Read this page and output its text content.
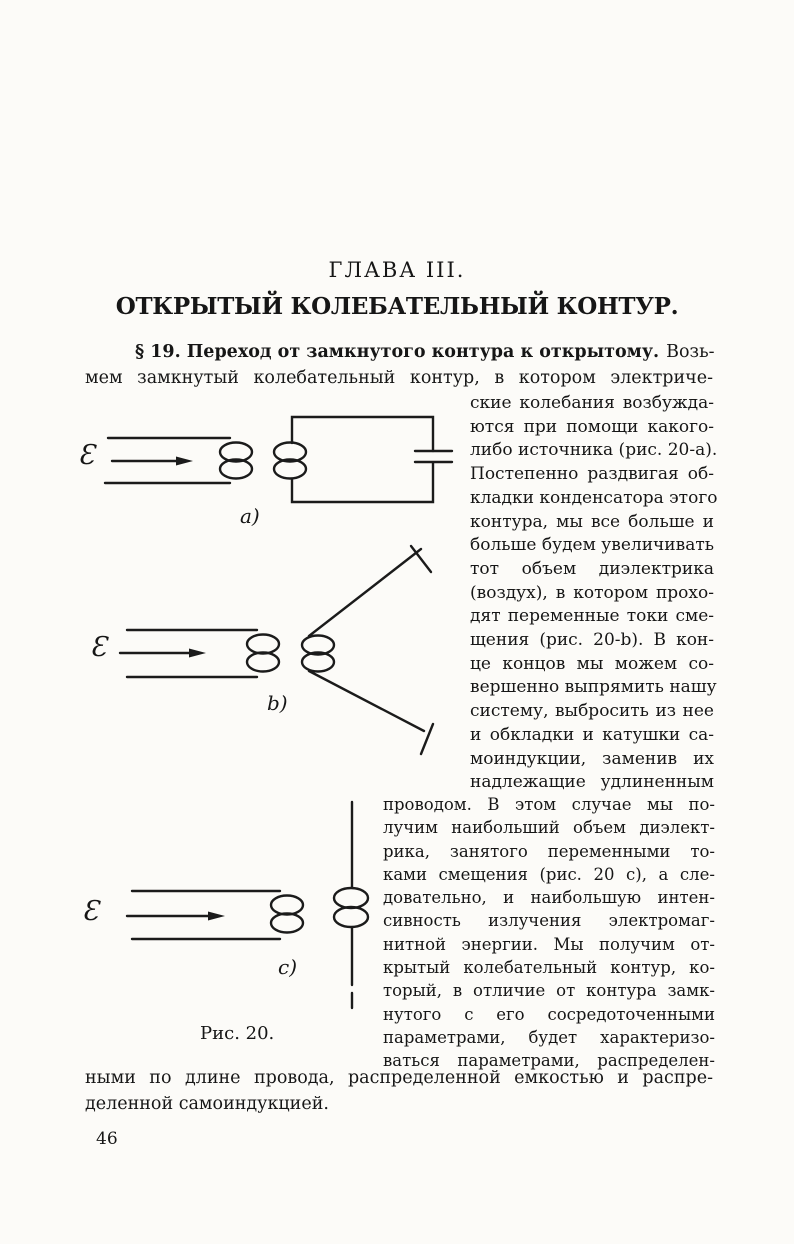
ГЛАВА III.
ОТКРЫТЫЙ КОЛЕБАТЕЛЬНЫЙ КОНТУР.
§ 19. Переход от замкнутого контура к открытому. Возь-
мем замкнутый колебательный контур, в котором электриче-
ские колебания возбужда-
ются при помощи какого-
либо источника (рис. 20-а).
Постепенно раздвигая об-
кладки конденсатора этого
контура, мы все больше и
больше будем увеличивать
тот объем диэлектрика
(воздух), в котором прохо-
дят переменные токи сме-
щения (рис. 20-b). В кон-
це концов мы можем со-
вершенно выпрямить нашу
систему, выбросить из нее
и обкладки и катушки са-
моиндукции, заменив их
надлежащие удлиненным
проводом. В этом случае мы по-
лучим наибольший объем диэлект-
рика, занятого переменными то-
ками смещения (рис. 20 с), а сле-
довательно, и наибольшую интен-
сивность излучения электромаг-
нитной энергии. Мы получим от-
крытый колебательный контур, ко-
торый, в отличие от контура замк-
нутого с его сосредоточенными
параметрами, будет характеризо-
ваться параметрами, распределен-
ными по длине провода, распределенной емкостью и распре-
деленной самоиндукцией.
46
Ɛ
Ɛ
Ɛ
а)
b)
с)
Рис. 20.
